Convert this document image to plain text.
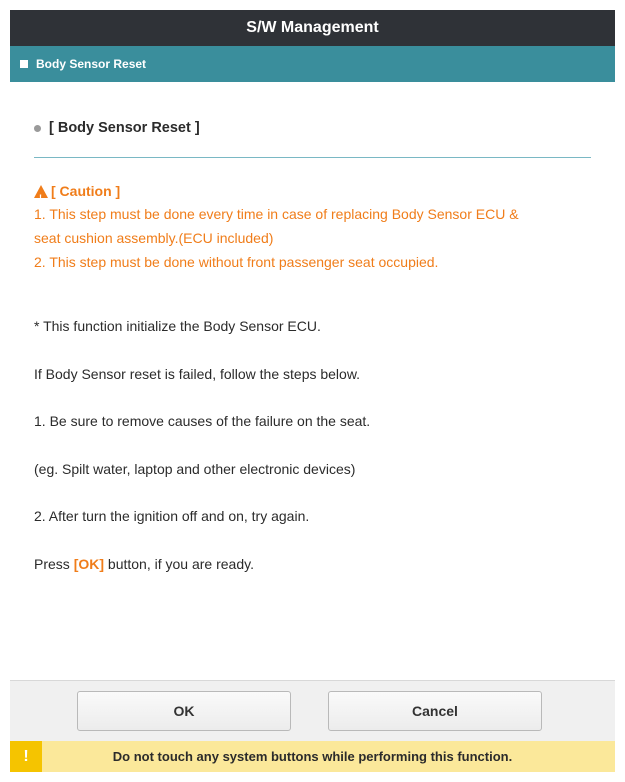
S/W Management
Body Sensor Reset
[ Body Sensor Reset ]
!
[ Caution ]
1. This step must be done every time in case of replacing Body Sensor ECU &
seat cushion assembly.(ECU included)
2. This step must be done without front passenger seat occupied.

* This function initialize the Body Sensor ECU.

If Body Sensor reset is failed, follow the steps below.

1. Be sure to remove causes of the failure on the seat.

(eg. Spilt water, laptop and other electronic devices)

2. After turn the ignition off and on, try again.

Press [OK] button, if you are ready.

OK	Cancel
!	Do not touch any system buttons while performing this function.
